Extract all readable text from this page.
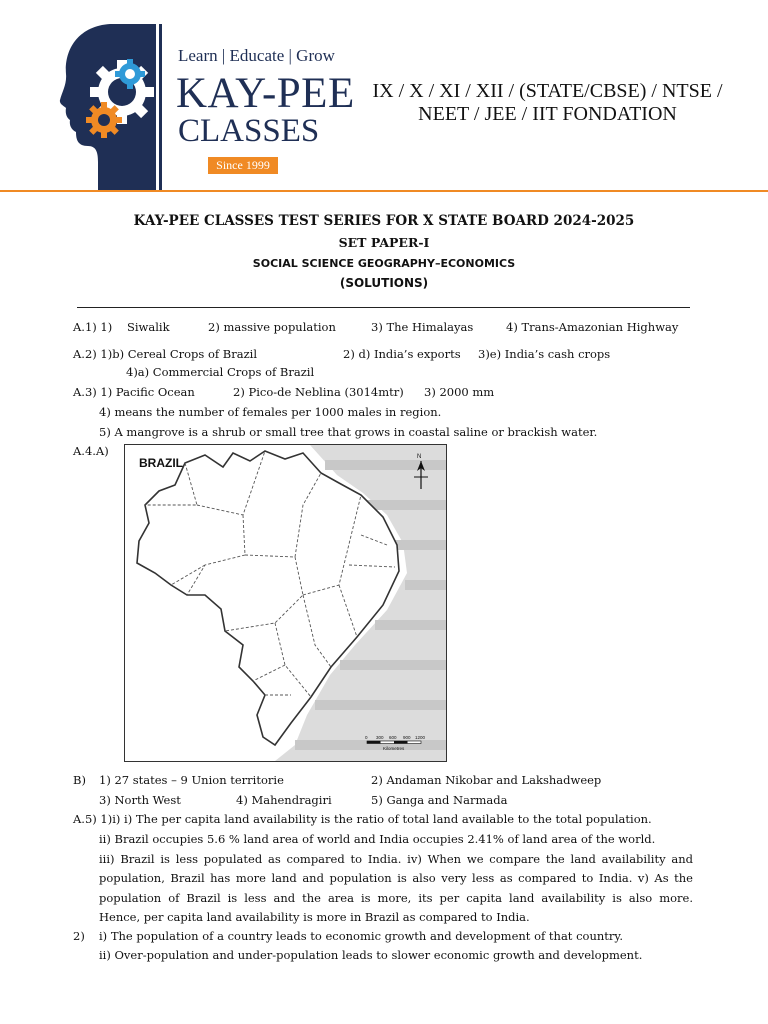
Learn | Educate | Grow
KAY-PEE
CLASSES
Since 1999
IX / X / XI / XII / (STATE/CBSE) / NTSE /
NEET / JEE / IIT FONDATION
KAY-PEE CLASSES TEST SERIES FOR X STATE BOARD 2024-2025
SET PAPER-I
SOCIAL SCIENCE GEOGRAPHY–ECONOMICS
(SOLUTIONS)
A.1) 1) Siwalik	2) massive population	3) The Himalayas	4) Trans-Amazonian Highway
A.2) 1)b) Cereal Crops of Brazil	2) d) India’s exports 3)e) India’s cash crops
4)a) Commercial Crops of Brazil
A.3) 1) Pacific Ocean	2) Pico-de Neblina (3014mtr) 3) 2000 mm
4) means the number of females per 1000 males in region.
5) A mangrove is a shrub or small tree that grows in coastal saline or brackish water.
A.4.A)
BRAZIL	N
0 300 600 900 1200
Kilometres
B) 1) 27 states – 9 Union territorie	2) Andaman Nikobar and Lakshadweep
3) North West	4) Mahendragiri	5) Ganga and Narmada
A.5) 1)i) i) The per capita land availability is the ratio of total land available to the total population.
ii) Brazil occupies 5.6 % land area of world and India occupies 2.41% of land area of the world.
iii) Brazil is less populated as compared to India. iv) When we compare the land availability and
population, Brazil has more land and population is also very less as compared to India. v) As the
population of Brazil is less and the area is more, its per capita land availability is also more.
Hence, per capita land availability is more in Brazil as compared to India.
2) i) The population of a country leads to economic growth and development of that country.
ii) Over-population and under-population leads to slower economic growth and development.
